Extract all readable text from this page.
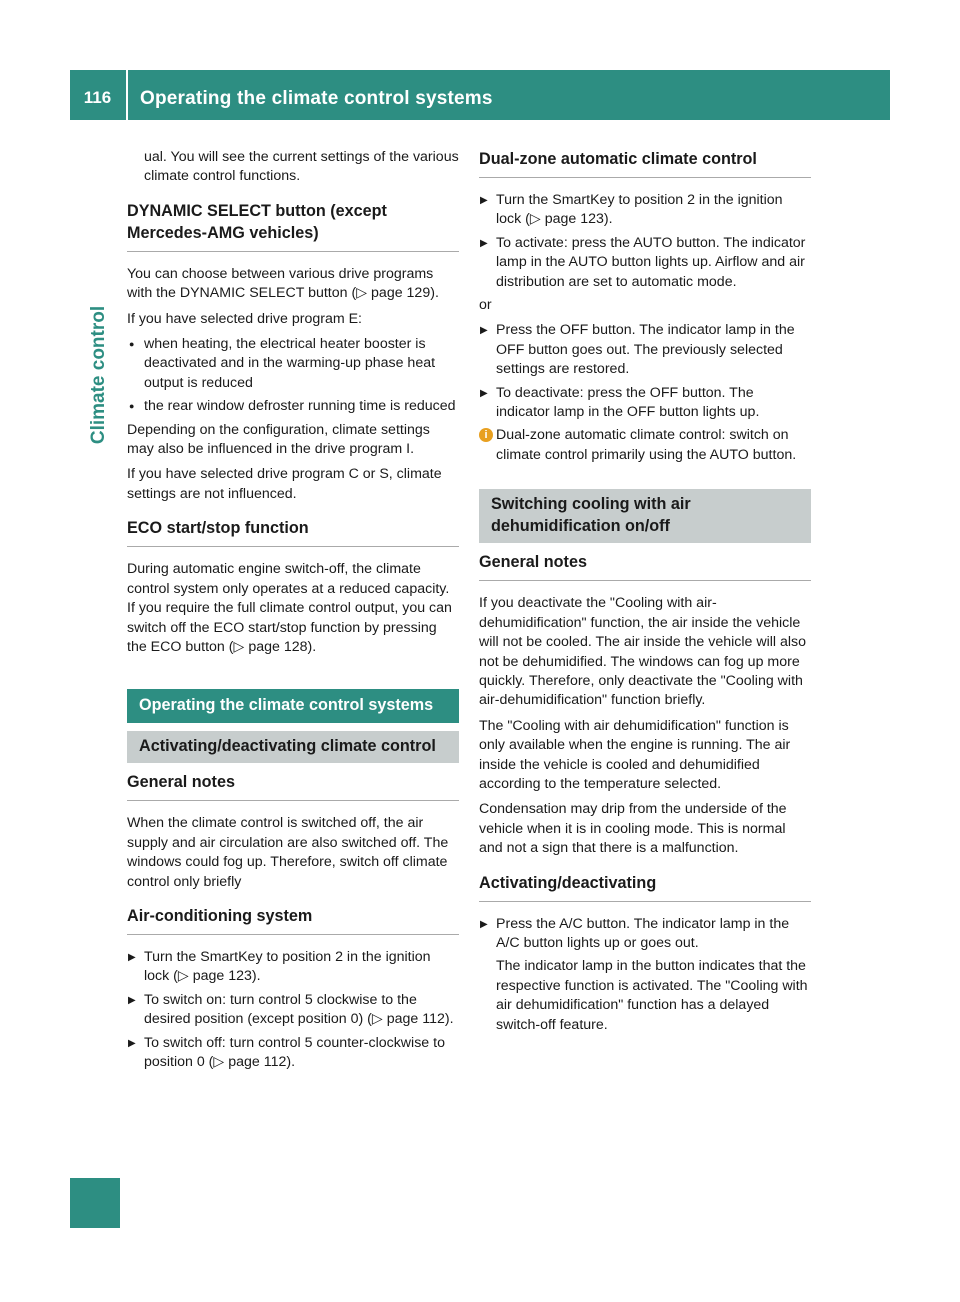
116	Operating the climate control systems
Climate control

ual. You will see the current settings of the various climate control functions.

DYNAMIC SELECT button (except Mercedes-AMG vehicles)

You can choose between various drive programs with the DYNAMIC SELECT button (▷ page 129).

If you have selected drive program E:

● when heating, the electrical heater booster is deactivated and in the warming-up phase heat output is reduced
● the rear window defroster running time is reduced

Depending on the configuration, climate settings may also be influenced in the drive program I.

If you have selected drive program C or S, climate settings are not influenced.

ECO start/stop function

During automatic engine switch-off, the climate control system only operates at a reduced capacity. If you require the full climate control output, you can switch off the ECO start/stop function by pressing the ECO button (▷ page 128).

Operating the climate control systems
Activating/deactivating climate control
General notes

When the climate control is switched off, the air supply and air circulation are also switched off. The windows could fog up. Therefore, switch off climate control only briefly

Air-conditioning system
▶ Turn the SmartKey to position 2 in the ignition lock (▷ page 123).
▶ To switch on: turn control 5 clockwise to the desired position (except position 0) (▷ page 112).
▶ To switch off: turn control 5 counter-clockwise to position 0 (▷ page 112).
Dual-zone automatic climate control
▶ Turn the SmartKey to position 2 in the ignition lock (▷ page 123).
▶ To activate: press the AUTO button. The indicator lamp in the AUTO button lights up. Airflow and air distribution are set to automatic mode.

or

▶ Press the OFF button. The indicator lamp in the OFF button goes out. The previously selected settings are restored.
▶ To deactivate: press the OFF button. The indicator lamp in the OFF button lights up.
i Dual-zone automatic climate control: switch on climate control primarily using the AUTO button.
Switching cooling with air dehumidification on/off
General notes

If you deactivate the "Cooling with air-dehumidification" function, the air inside the vehicle will not be cooled. The air inside the vehicle will also not be dehumidified. The windows can fog up more quickly. Therefore, only deactivate the "Cooling with air-dehumidification" function briefly.

The "Cooling with air dehumidification" function is only available when the engine is running. The air inside the vehicle is cooled and dehumidified according to the temperature selected.

Condensation may drip from the underside of the vehicle when it is in cooling mode. This is normal and not a sign that there is a malfunction.

Activating/deactivating
▶ Press the A/C button. The indicator lamp in the A/C button lights up or goes out.

The indicator lamp in the button indicates that the respective function is activated. The "Cooling with air dehumidification" function has a delayed switch-off feature.
